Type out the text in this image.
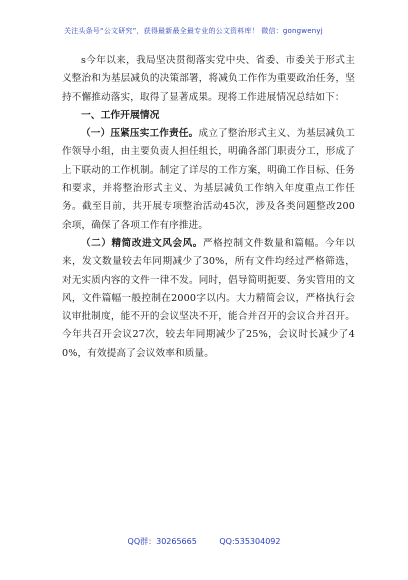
关注头条号“公文研究”，获得最新最全最专业的公文资料库！ 微信：gongwenyj

s今年以来，我局坚决贯彻落实党中央、省委、市委关于形式主义整治和为基层减负的决策部署，将减负工作作为重要政治任务，坚持不懈推动落实，取得了显著成果。现将工作进展情况总结如下：

一、工作开展情况

（一）压紧压实工作责任。成立了整治形式主义、为基层减负工作领导小组，由主要负责人担任组长，明确各部门职责分工，形成了上下联动的工作机制。制定了详尽的工作方案，明确工作目标、任务和要求，并将整治形式主义、为基层减负工作纳入年度重点工作任务。截至目前，共开展专项整治活动45次，涉及各类问题整改200余项，确保了各项工作有序推进。

（二）精简改进文风会风。严格控制文件数量和篇幅。今年以来，发文数量较去年同期减少了30%，所有文件均经过严格筛选，对无实质内容的文件一律不发。同时，倡导简明扼要、务实管用的文风，文件篇幅一般控制在2000字以内。大力精简会议，严格执行会议审批制度，能不开的会议坚决不开，能合并召开的会议合并召开。今年共召开会议27次，较去年同期减少了25%，会议时长减少了40%，有效提高了会议效率和质量。

QQ群：30265665	QQ:535304092
